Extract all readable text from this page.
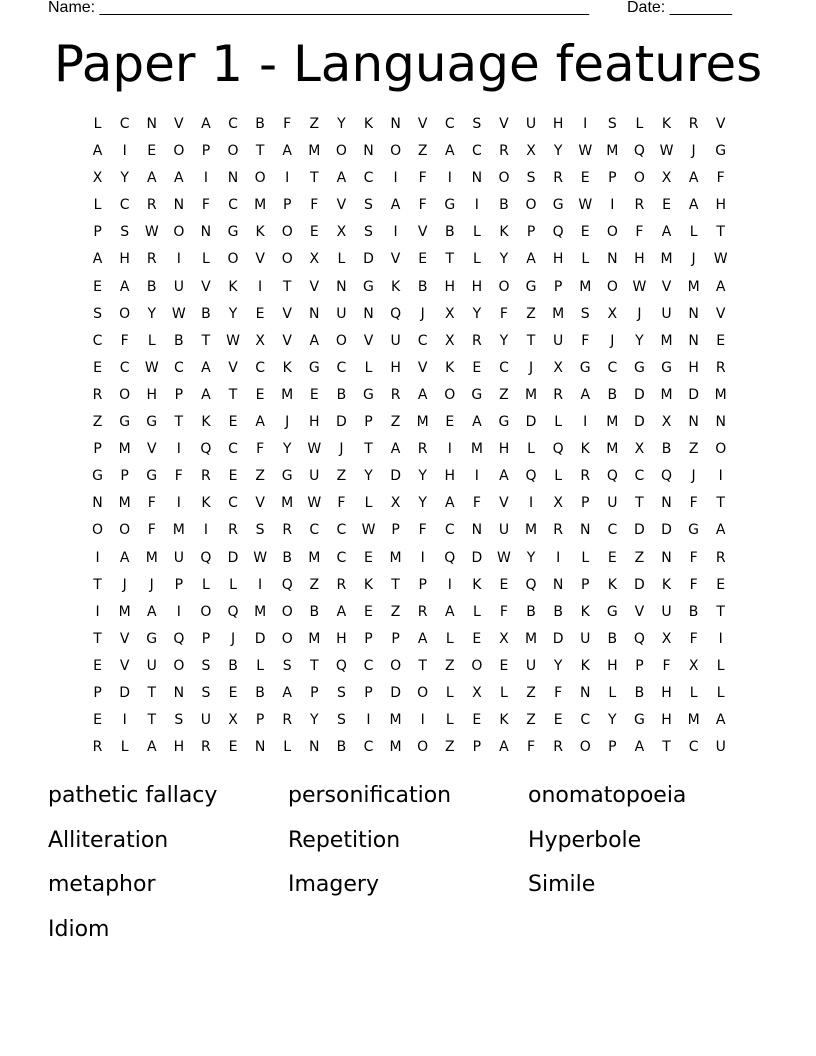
Name: _______________________________________________________ Date: _______
Paper 1 - Language features
L	C	N	V	A	C	B	F	Z	Y	K	N	V	C	S	V	U	H	I	S	L	K	R	V
A	I	E	O	P	O	T	A	M	O	N	O	Z	A	C	R	X	Y	W	M	Q	W	J	G
X	Y	A	A	I	N	O	I	T	A	C	I	F	I	N	O	S	R	E	P	O	X	A	F
L	C	R	N	F	C	M	P	F	V	S	A	F	G	I	B	O	G	W	I	R	E	A	H
P	S	W	O	N	G	K	O	E	X	S	I	V	B	L	K	P	Q	E	O	F	A	L	T
A	H	R	I	L	O	V	O	X	L	D	V	E	T	L	Y	A	H	L	N	H	M	J	W
E	A	B	U	V	K	I	T	V	N	G	K	B	H	H	O	G	P	M	O	W	V	M	A
S	O	Y	W	B	Y	E	V	N	U	N	Q	J	X	Y	F	Z	M	S	X	J	U	N	V
C	F	L	B	T	W	X	V	A	O	V	U	C	X	R	Y	T	U	F	J	Y	M	N	E
E	C	W	C	A	V	C	K	G	C	L	H	V	K	E	C	J	X	G	C	G	G	H	R
R	O	H	P	A	T	E	M	E	B	G	R	A	O	G	Z	M	R	A	B	D	M	D	M
Z	G	G	T	K	E	A	J	H	D	P	Z	M	E	A	G	D	L	I	M	D	X	N	N
P	M	V	I	Q	C	F	Y	W	J	T	A	R	I	M	H	L	Q	K	M	X	B	Z	O
G	P	G	F	R	E	Z	G	U	Z	Y	D	Y	H	I	A	Q	L	R	Q	C	Q	J	I
N	M	F	I	K	C	V	M	W	F	L	X	Y	A	F	V	I	X	P	U	T	N	F	T
O	O	F	M	I	R	S	R	C	C	W	P	F	C	N	U	M	R	N	C	D	D	G	A
I	A	M	U	Q	D	W	B	M	C	E	M	I	Q	D	W	Y	I	L	E	Z	N	F	R
T	J	J	P	L	L	I	Q	Z	R	K	T	P	I	K	E	Q	N	P	K	D	K	F	E
I	M	A	I	O	Q	M	O	B	A	E	Z	R	A	L	F	B	B	K	G	V	U	B	T
T	V	G	Q	P	J	D	O	M	H	P	P	A	L	E	X	M	D	U	B	Q	X	F	I
E	V	U	O	S	B	L	S	T	Q	C	O	T	Z	O	E	U	Y	K	H	P	F	X	L
P	D	T	N	S	E	B	A	P	S	P	D	O	L	X	L	Z	F	N	L	B	H	L	L
E	I	T	S	U	X	P	R	Y	S	I	M	I	L	E	K	Z	E	C	Y	G	H	M	A
R	L	A	H	R	E	N	L	N	B	C	M	O	Z	P	A	F	R	O	P	A	T	C	U
pathetic fallacy	personification	onomatopoeia
Alliteration	Repetition	Hyperbole
metaphor	Imagery	Simile
Idiom
